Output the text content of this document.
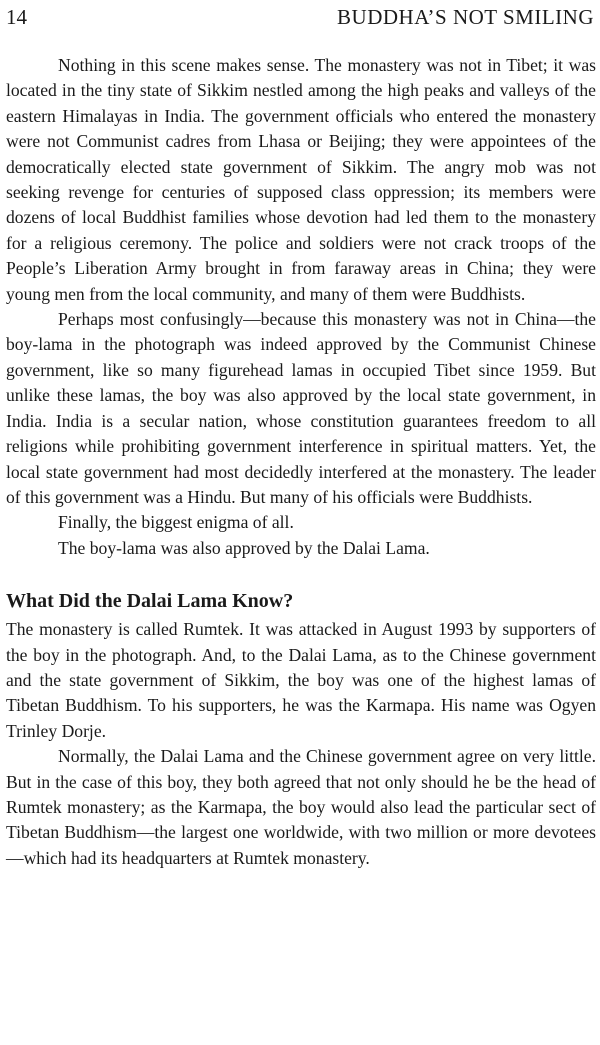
14	BUDDHA’S NOT SMILING

Nothing in this scene makes sense. The monastery was not in Tibet; it was located in the tiny state of Sikkim nestled among the high peaks and valleys of the eastern Himalayas in India. The government officials who entered the monastery were not Communist cadres from Lhasa or Beijing; they were appointees of the democratically elected state government of Sikkim. The angry mob was not seeking revenge for centuries of supposed class oppression; its members were dozens of local Buddhist families whose devotion had led them to the monastery for a religious ceremony. The police and soldiers were not crack troops of the People’s Liberation Army brought in from faraway areas in China; they were young men from the local community, and many of them were Buddhists.

Perhaps most confusingly—because this monastery was not in China—the boy-lama in the photograph was indeed approved by the Communist Chinese government, like so many figurehead lamas in occupied Tibet since 1959. But unlike these lamas, the boy was also approved by the local state government, in India. India is a secular nation, whose constitution guarantees freedom to all religions while prohibiting government interference in spiritual matters. Yet, the local state government had most decidedly interfered at the monastery. The leader of this government was a Hindu. But many of his officials were Buddhists.

Finally, the biggest enigma of all.

The boy-lama was also approved by the Dalai Lama.

What Did the Dalai Lama Know?

The monastery is called Rumtek. It was attacked in August 1993 by supporters of the boy in the photograph. And, to the Dalai Lama, as to the Chinese government and the state government of Sikkim, the boy was one of the highest lamas of Tibetan Buddhism. To his supporters, he was the Karmapa. His name was Ogyen Trinley Dorje.

Normally, the Dalai Lama and the Chinese government agree on very little. But in the case of this boy, they both agreed that not only should he be the head of Rumtek monastery; as the Karmapa, the boy would also lead the particular sect of Tibetan Buddhism—the largest one worldwide, with two million or more devotees—which had its headquarters at Rumtek monastery.
